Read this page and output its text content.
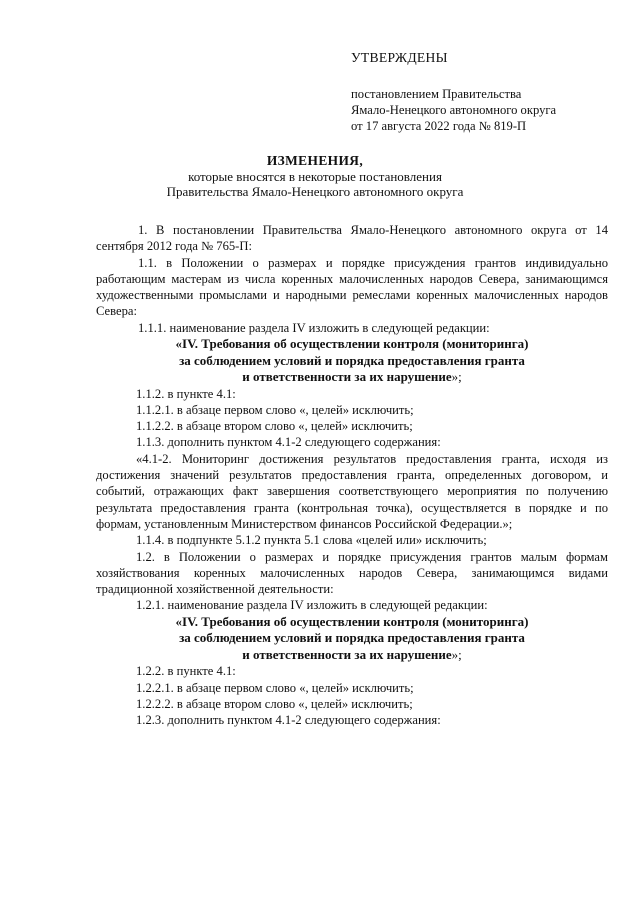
УТВЕРЖДЕНЫ
постановлением Правительства
Ямало-Ненецкого автономного округа
от 17 августа 2022 года № 819-П
ИЗМЕНЕНИЯ,
которые вносятся в некоторые постановления
Правительства Ямало-Ненецкого автономного округа

1. В постановлении Правительства Ямало-Ненецкого автономного округа от 14 сентября 2012 года № 765-П:

1.1. в Положении о размерах и порядке присуждения грантов индивидуально работающим мастерам из числа коренных малочисленных народов Севера, занимающимся художественными промыслами и народными ремеслами коренных малочисленных народов Севера:

1.1.1. наименование раздела IV изложить в следующей редакции:

«IV. Требования об осуществлении контроля (мониторинга)
за соблюдением условий и порядка предоставления гранта
и ответственности за их нарушение»;

1.1.2. в пункте 4.1:

1.1.2.1. в абзаце первом слово «, целей» исключить;

1.1.2.2. в абзаце втором слово «, целей» исключить;

1.1.3. дополнить пунктом 4.1-2 следующего содержания:

«4.1-2. Мониторинг достижения результатов предоставления гранта, исходя из достижения значений результатов предоставления гранта, определенных договором, и событий, отражающих факт завершения соответствующего мероприятия по получению результата предоставления гранта (контрольная точка), осуществляется в порядке и по формам, установленным Министерством финансов Российской Федерации.»;

1.1.4. в подпункте 5.1.2 пункта 5.1 слова «целей или» исключить;

1.2. в Положении о размерах и порядке присуждения грантов малым формам хозяйствования коренных малочисленных народов Севера, занимающимся видами традиционной хозяйственной деятельности:

1.2.1. наименование раздела IV изложить в следующей редакции:

«IV. Требования об осуществлении контроля (мониторинга)
за соблюдением условий и порядка предоставления гранта
и ответственности за их нарушение»;

1.2.2. в пункте 4.1:

1.2.2.1. в абзаце первом слово «, целей» исключить;

1.2.2.2. в абзаце втором слово «, целей» исключить;

1.2.3. дополнить пунктом 4.1-2 следующего содержания:
